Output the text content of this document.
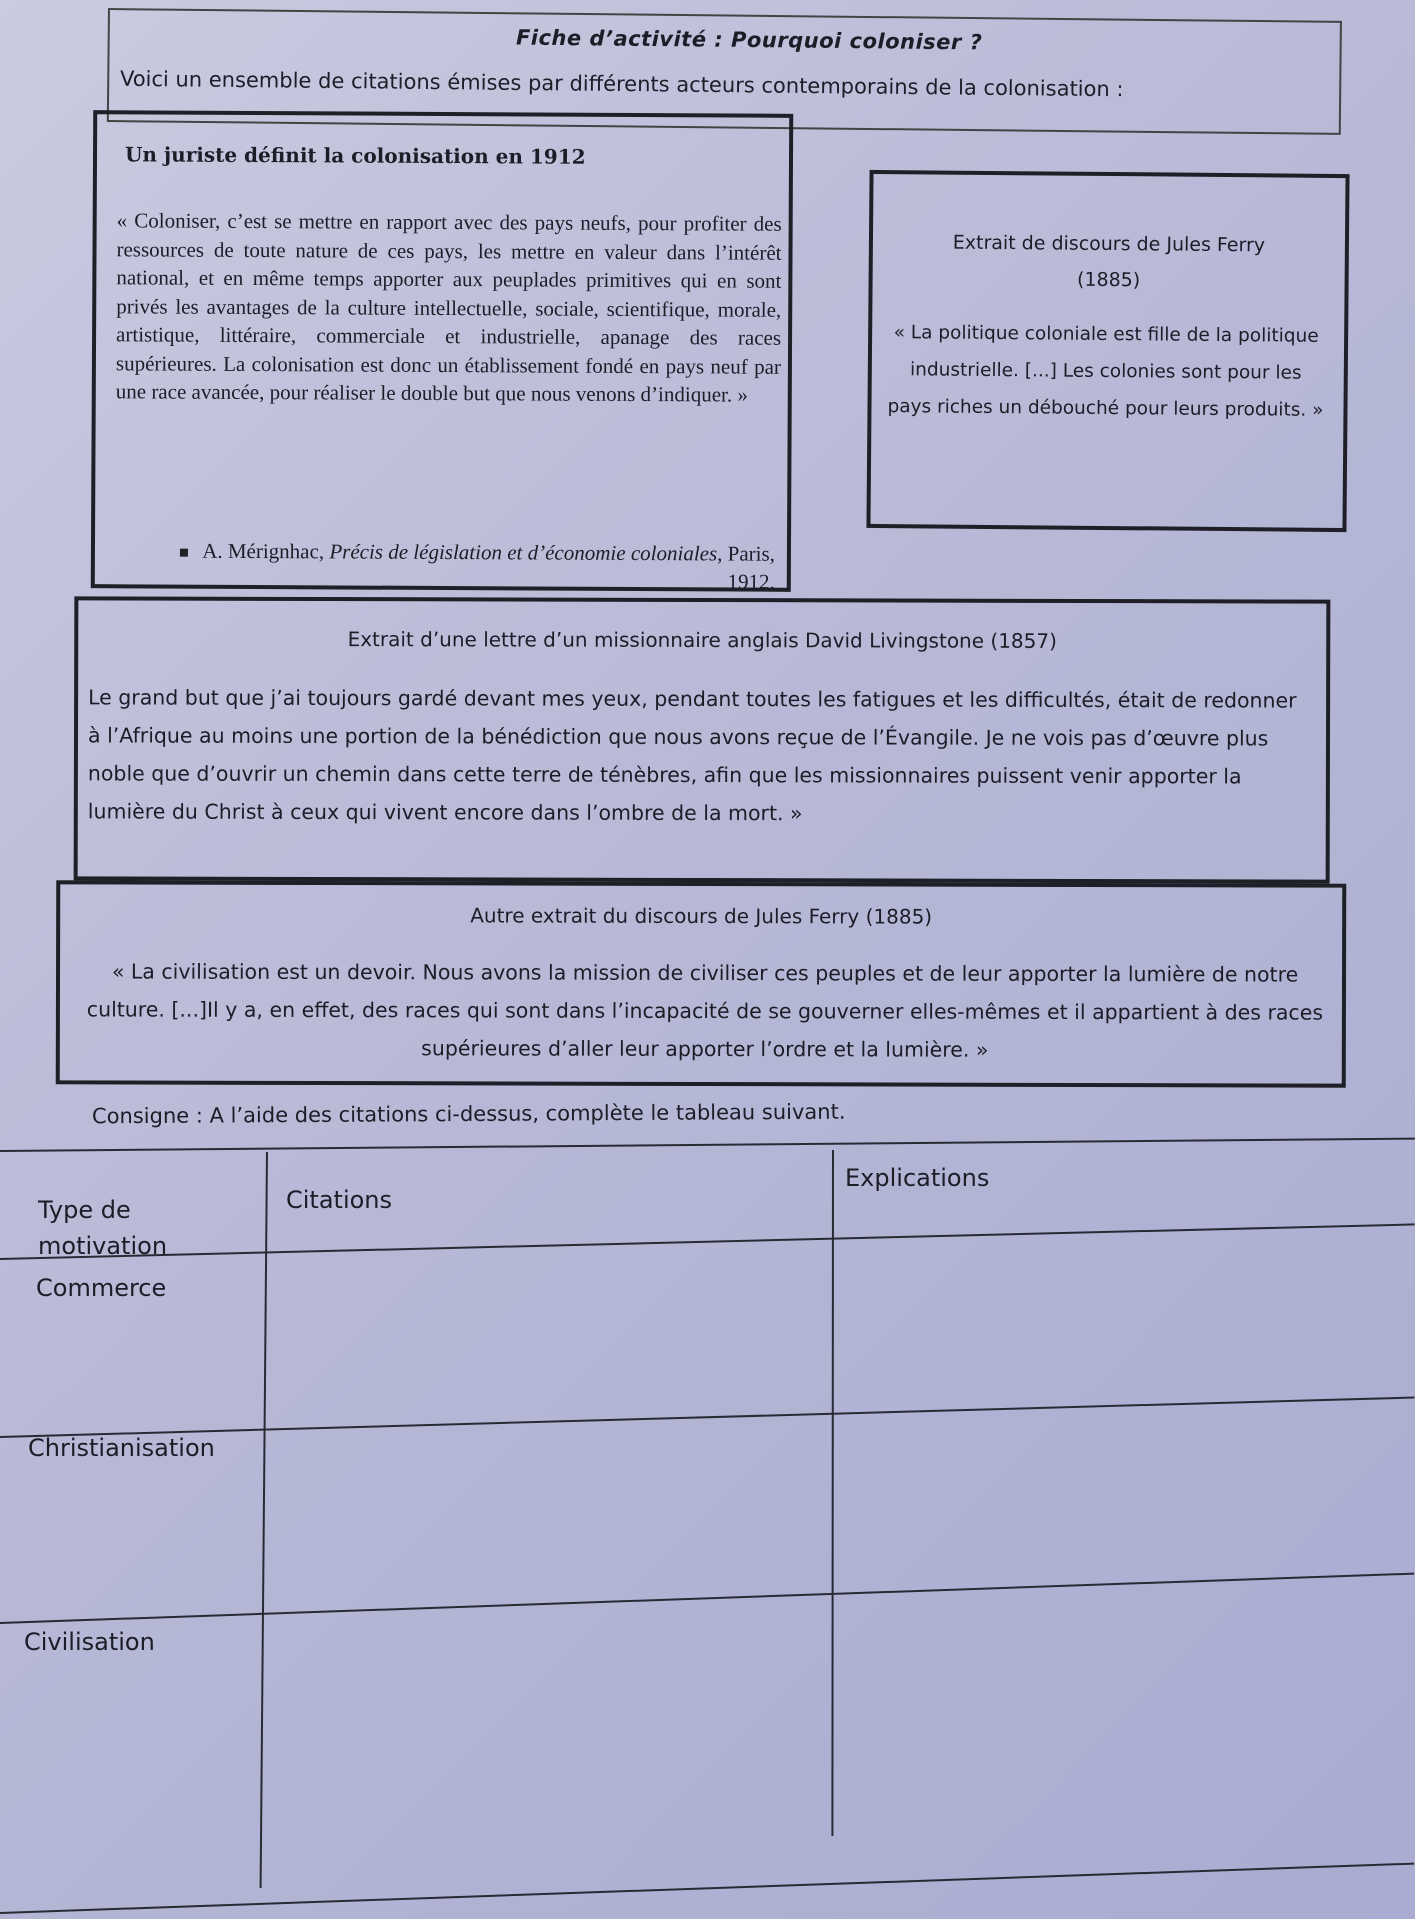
Fiche d’activité : Pourquoi coloniser ?
Voici un ensemble de citations émises par différents acteurs contemporains de la colonisation :
Un juriste définit la colonisation en 1912
« Coloniser, c’est se mettre en rapport avec des pays neufs, pour profiter des ressources de toute nature de ces pays, les mettre en valeur dans l’intérêt national, et en même temps apporter aux peuplades primitives qui en sont privés les avantages de la culture intellectuelle, sociale, scientifique, morale, artistique, littéraire, commerciale et industrielle, apanage des races supérieures. La colonisation est donc un établissement fondé en pays neuf par une race avancée, pour réaliser le double but que nous venons d’indiquer. »
A. Mérignhac, Précis de législation et d’économie coloniales, Paris, 1912.
Extrait de discours de Jules Ferry
(1885)
« La politique coloniale est fille de la politique industrielle. [...] Les colonies sont pour les pays riches un débouché pour leurs produits. »
Extrait d’une lettre d’un missionnaire anglais David Livingstone (1857)
Le grand but que j’ai toujours gardé devant mes yeux, pendant toutes les fatigues et les difficultés, était de redonner à l’Afrique au moins une portion de la bénédiction que nous avons reçue de l’Évangile. Je ne vois pas d’œuvre plus noble que d’ouvrir un chemin dans cette terre de ténèbres, afin que les missionnaires puissent venir apporter la lumière du Christ à ceux qui vivent encore dans l’ombre de la mort. »
Autre extrait du discours de Jules Ferry (1885)
« La civilisation est un devoir. Nous avons la mission de civiliser ces peuples et de leur apporter la lumière de notre culture. [...]Il y a, en effet, des races qui sont dans l’incapacité de se gouverner elles-mêmes et il appartient à des races supérieures d’aller leur apporter l’ordre et la lumière. »
Consigne : A l’aide des citations ci-dessus, complète le tableau suivant.
Type de motivation
Citations
Explications
Commerce
Christianisation
Civilisation
